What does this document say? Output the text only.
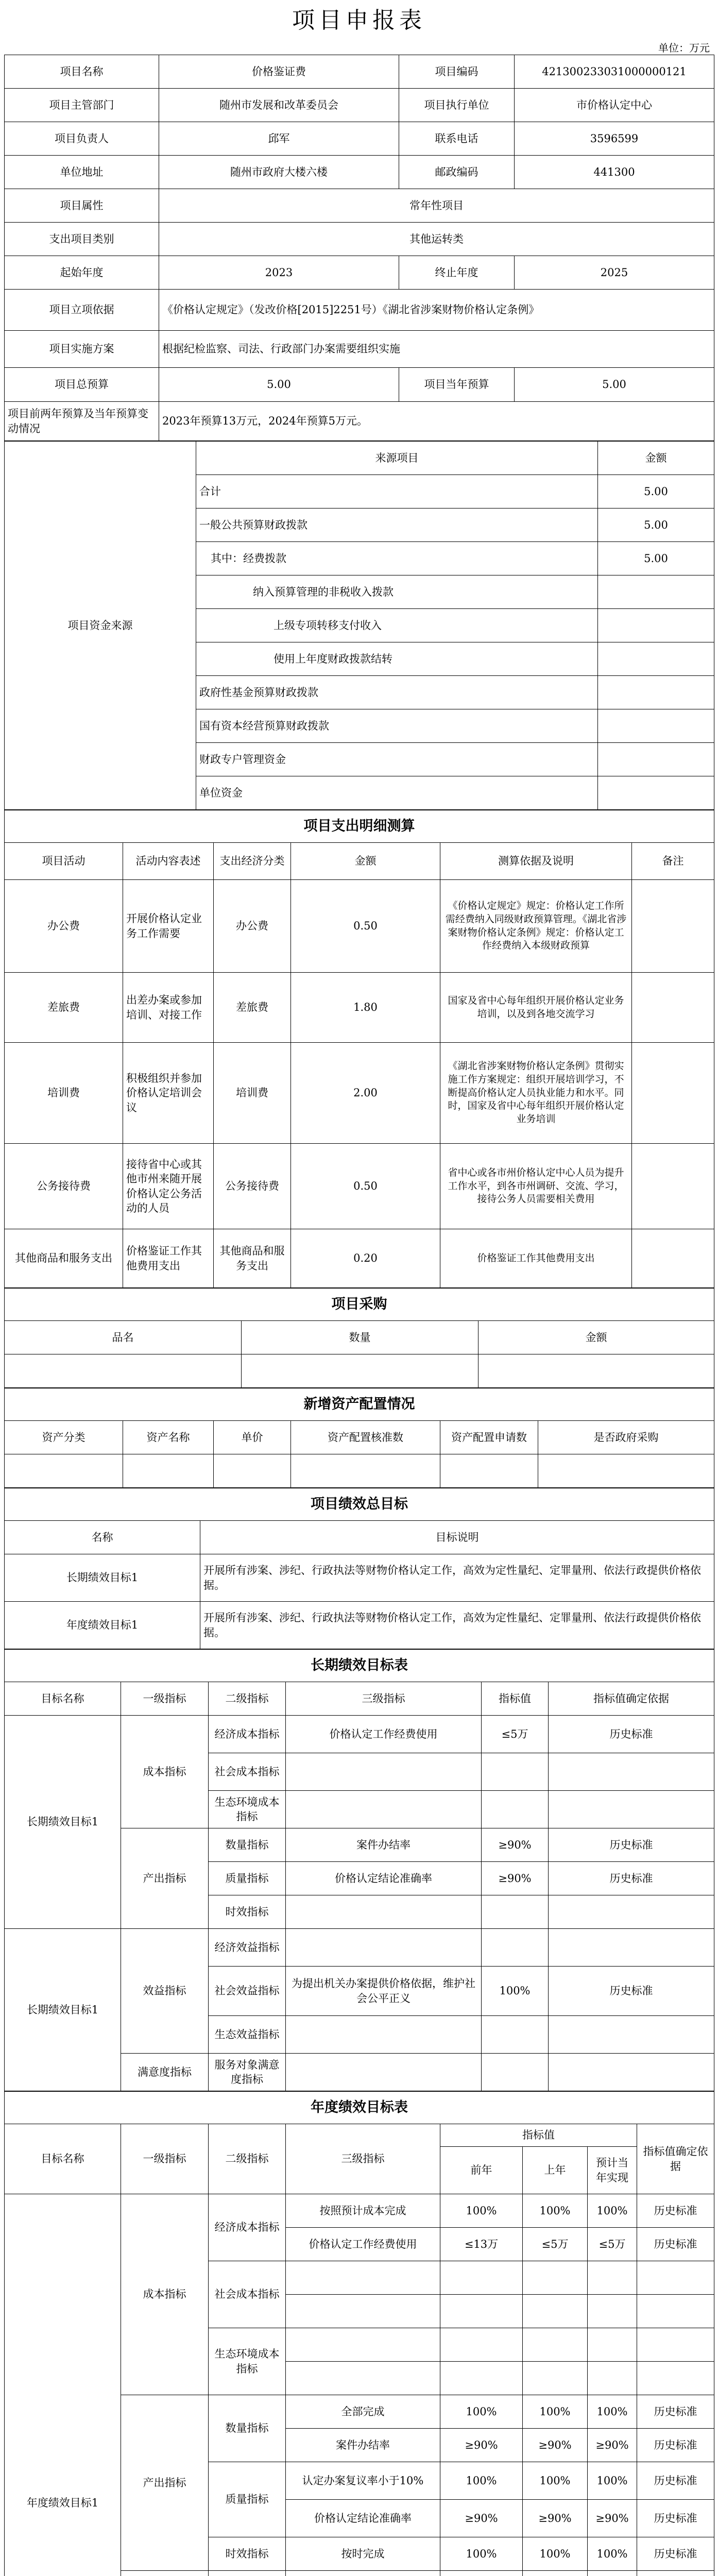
项目申报表
单位：万元
项目名称	价格鉴证费	项目编码	421300233031000000121
项目主管部门	随州市发展和改革委员会	项目执行单位	市价格认定中心
项目负责人	邱军	联系电话	3596599
单位地址	随州市政府大楼六楼	邮政编码	441300
项目属性	常年性项目		
支出项目类别	其他运转类		
起始年度	2023	终止年度	2025
项目立项依据	《价格认定规定》（发改价格[2015]2251号）《湖北省涉案财物价格认定条例》		
项目实施方案	根据纪检监察、司法、行政部门办案需要组织实施		
项目总预算	5.00	项目当年预算	5.00
项目前两年预算及当年预算变动情况	2023年预算13万元，2024年预算5万元。		
项目资金来源	来源项目	金额
	合计	5.00
	一般公共预算财政拨款	5.00
	其中：经费拨款	5.00
	纳入预算管理的非税收入拨款	
	上级专项转移支付收入	
	使用上年度财政拨款结转	
	政府性基金预算财政拨款	
	国有资本经营预算财政拨款	
	财政专户管理资金	
	单位资金	
项目支出明细测算					
项目活动	活动内容表述	支出经济分类	金额	测算依据及说明	备注
办公费	开展价格认定业务工作需要	办公费	0.50	《价格认定规定》规定：价格认定工作所需经费纳入同级财政预算管理。《湖北省涉案财物价格认定条例》规定：价格认定工作经费纳入本级财政预算	
差旅费	出差办案或参加培训、对接工作	差旅费	1.80	国家及省中心每年组织开展价格认定业务培训，以及到各地交流学习	
培训费	积极组织并参加价格认定培训会议	培训费	2.00	《湖北省涉案财物价格认定条例》贯彻实施工作方案规定：组织开展培训学习，不断提高价格认定人员执业能力和水平。同时，国家及省中心每年组织开展价格认定业务培训	
公务接待费	接待省中心或其他市州来随开展价格认定公务活动的人员	公务接待费	0.50	省中心或各市州价格认定中心人员为提升工作水平，到各市州调研、交流、学习，接待公务人员需要相关费用	
其他商品和服务支出	价格鉴证工作其他费用支出	其他商品和服务支出	0.20	价格鉴证工作其他费用支出	
项目采购		
品名	数量	金额

新增资产配置情况					
资产分类	资产名称	单价	资产配置核准数	资产配置申请数	是否政府采购

项目绩效总目标	
名称	目标说明
长期绩效目标1	开展所有涉案、涉纪、行政执法等财物价格认定工作，高效为定性量纪、定罪量刑、依法行政提供价格依据。
年度绩效目标1	开展所有涉案、涉纪、行政执法等财物价格认定工作，高效为定性量纪、定罪量刑、依法行政提供价格依据。
长期绩效目标表					
目标名称	一级指标	二级指标	三级指标	指标值	指标值确定依据
长期绩效目标1	成本指标	经济成本指标	价格认定工作经费使用	≤5万	历史标准
		社会成本指标			
		生态环境成本指标			
	产出指标	数量指标	案件办结率	≥90%	历史标准
		质量指标	价格认定结论准确率	≥90%	历史标准
		时效指标			
长期绩效目标1	效益指标	经济效益指标			
		社会效益指标	为提出机关办案提供价格依据，维护社会公平正义	100%	历史标准
		生态效益指标			
	满意度指标	服务对象满意度指标			
年度绩效目标表							
目标名称	一级指标	二级指标	三级指标	指标值			指标值确定依据
				前年	上年	预计当年实现	
年度绩效目标1	成本指标	经济成本指标	按照预计成本完成	100%	100%	100%	历史标准
			价格认定工作经费使用	≤13万	≤5万	≤5万	历史标准
		社会成本指标					

		生态环境成本指标					

	产出指标	数量指标	全部完成	100%	100%	100%	历史标准
			案件办结率	≥90%	≥90%	≥90%	历史标准
		质量指标	认定办案复议率小于10%	100%	100%	100%	历史标准
			价格认定结论准确率	≥90%	≥90%	≥90%	历史标准
		时效指标	按时完成	100%	100%	100%	历史标准
